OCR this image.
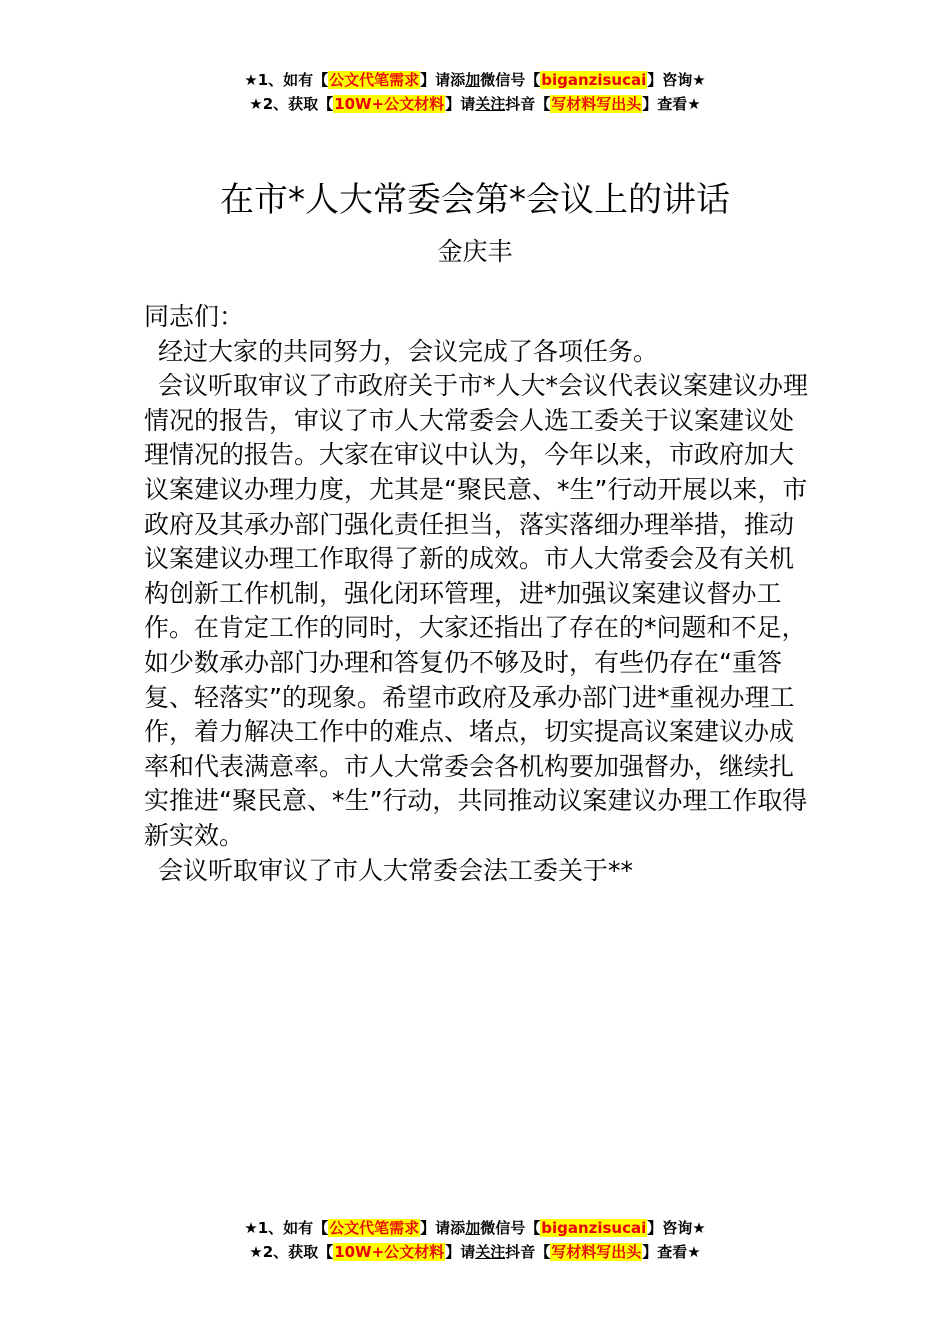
★1、如有【公文代笔需求】请添加微信号【biganzisucai】咨询★
★2、获取【10W+公文材料】请关注抖音【写材料写出头】查看★
在市*人大常委会第*会议上的讲话
金庆丰

同志们：

经过大家的共同努力，会议完成了各项任务。

会议听取审议了市政府关于市*人大*会议代表议案建议办理情况的报告，审议了市人大常委会人选工委关于议案建议处理情况的报告。大家在审议中认为，今年以来，市政府加大议案建议办理力度，尤其是“聚民意、*生”行动开展以来，市政府及其承办部门强化责任担当，落实落细办理举措，推动议案建议办理工作取得了新的成效。市人大常委会及有关机构创新工作机制，强化闭环管理，进*加强议案建议督办工作。在肯定工作的同时，大家还指出了存在的*问题和不足，如少数承办部门办理和答复仍不够及时，有些仍存在“重答复、轻落实”的现象。希望市政府及承办部门进*重视办理工作，着力解决工作中的难点、堵点，切实提高议案建议办成率和代表满意率。市人大常委会各机构要加强督办，继续扎实推进“聚民意、*生”行动，共同推动议案建议办理工作取得新实效。

会议听取审议了市人大常委会法工委关于**

★1、如有【公文代笔需求】请添加微信号【biganzisucai】咨询★
★2、获取【10W+公文材料】请关注抖音【写材料写出头】查看★
